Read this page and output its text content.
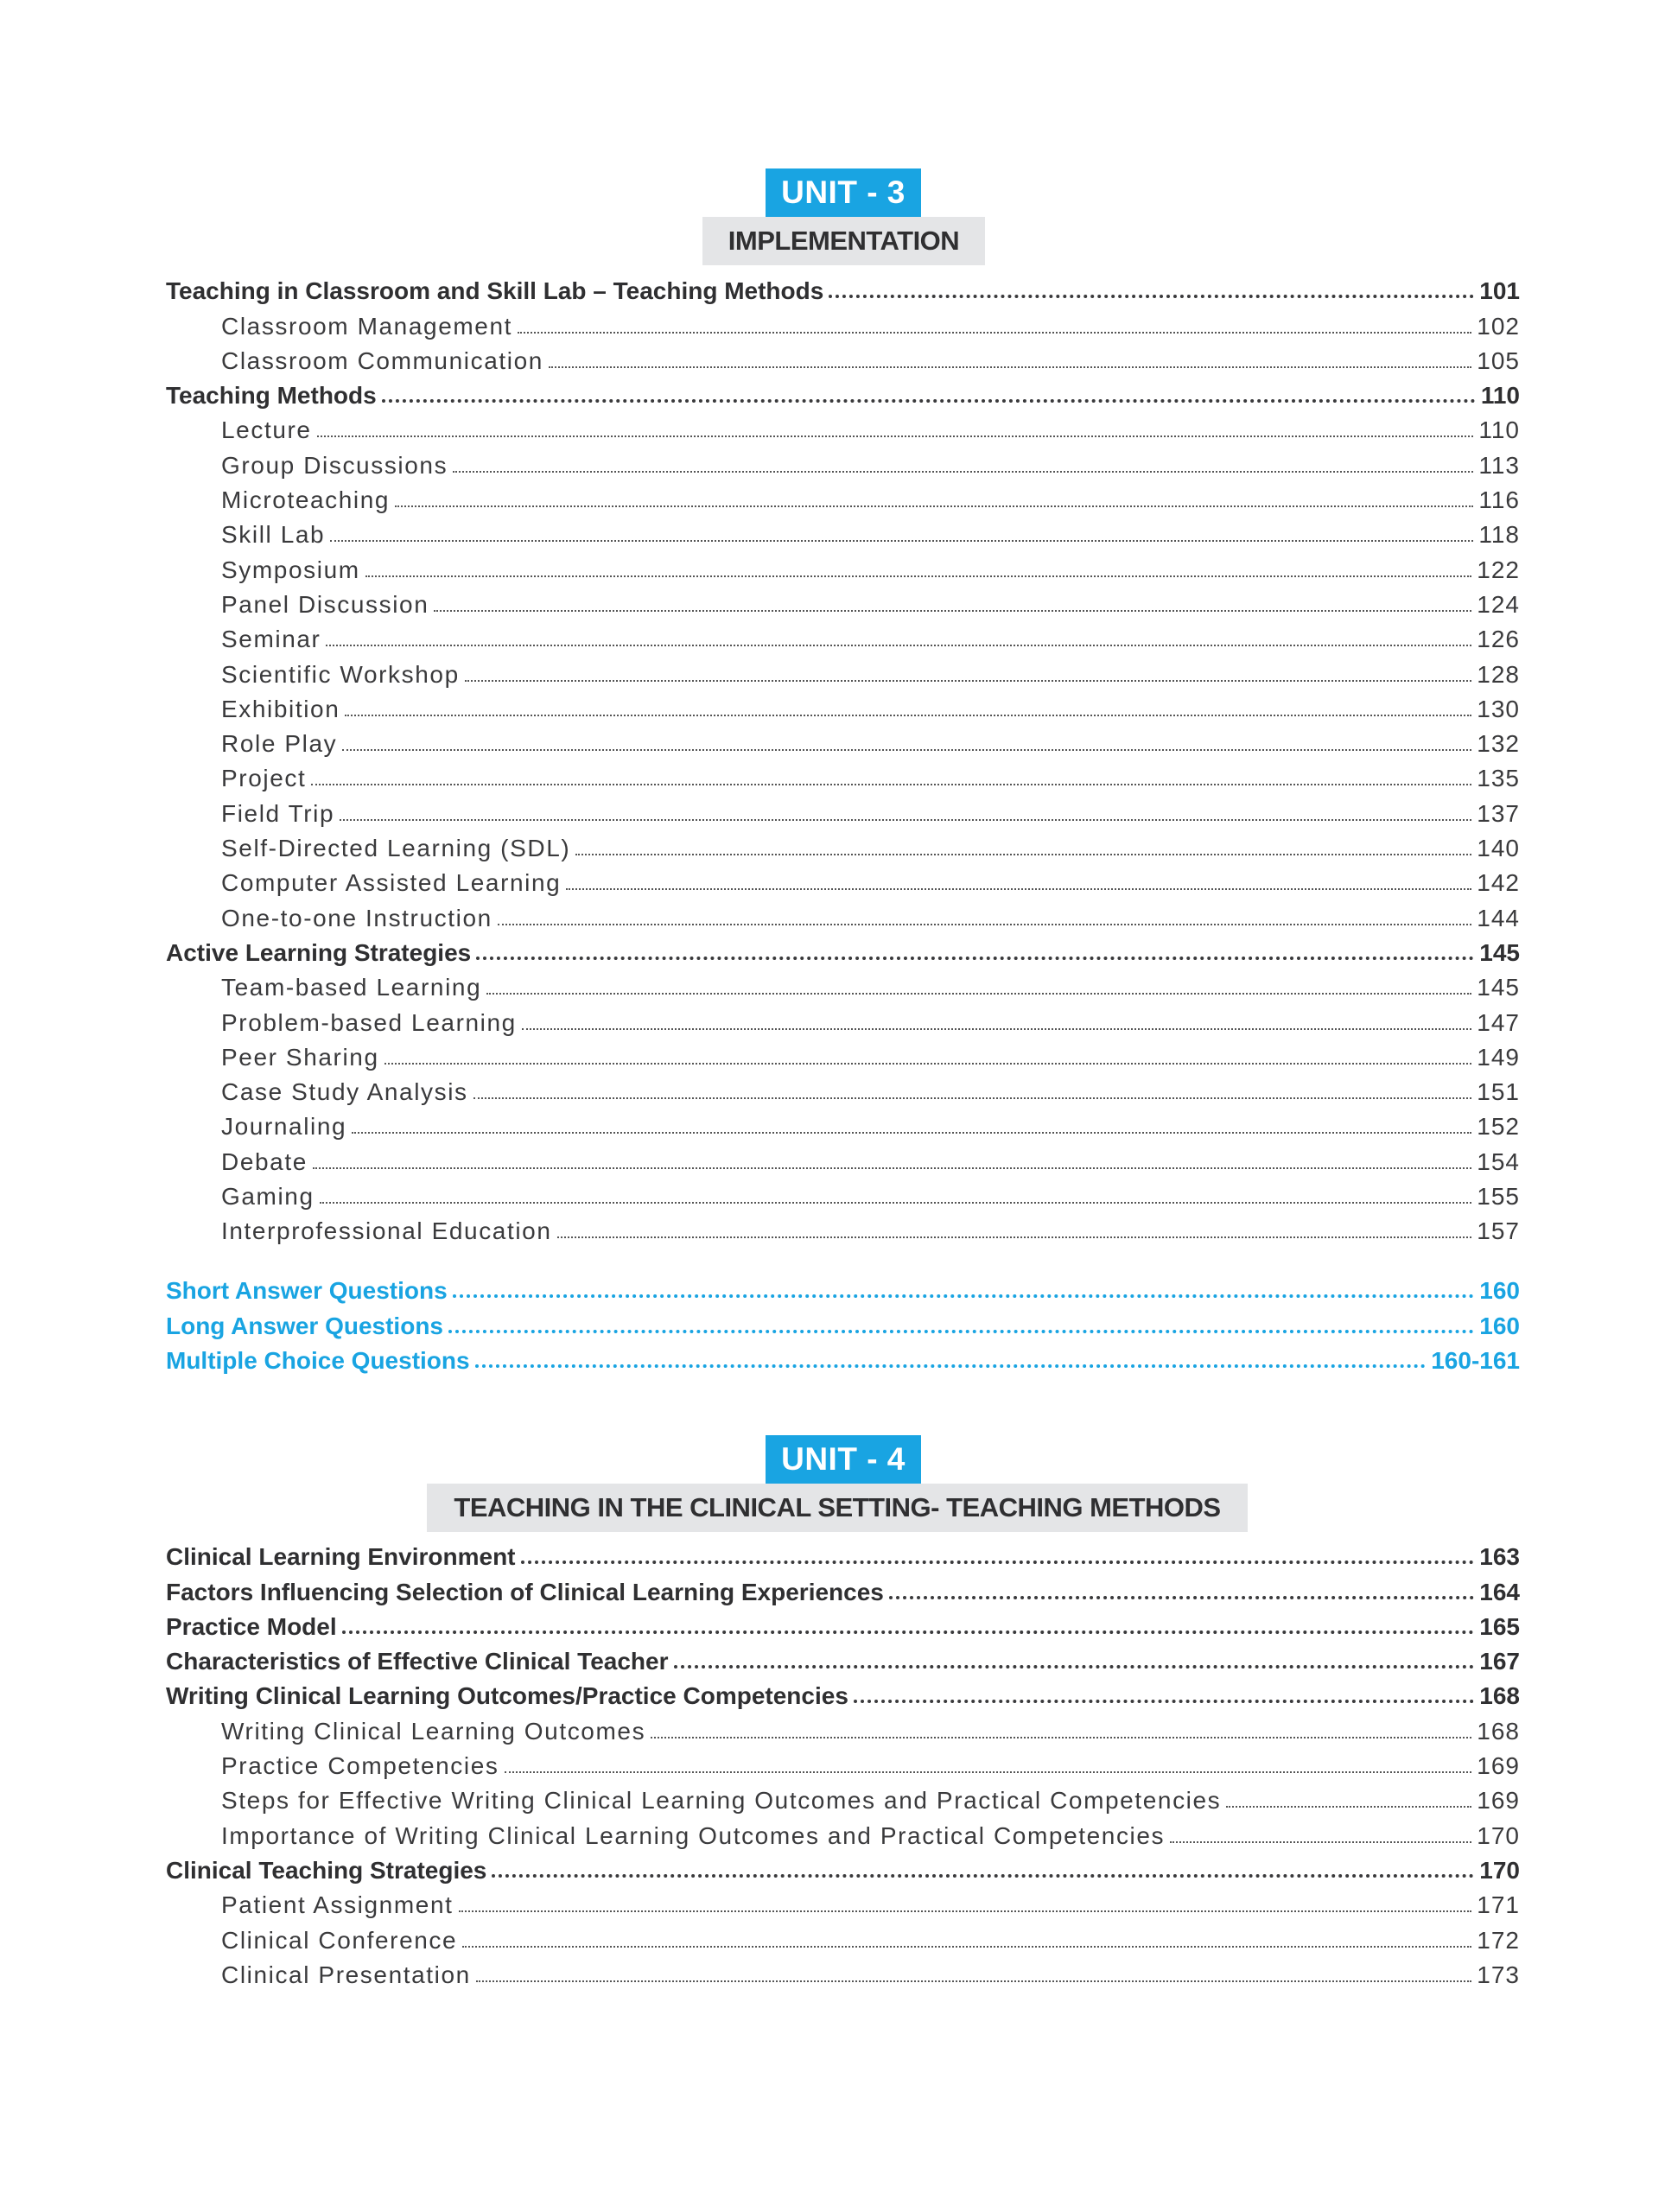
UNIT - 3
IMPLEMENTATION
Teaching in Classroom and Skill Lab – Teaching Methods	101
Classroom Management	102
Classroom Communication	105
Teaching Methods	110
Lecture	110
Group Discussions	113
Microteaching	116
Skill Lab	118
Symposium	122
Panel Discussion	124
Seminar	126
Scientific Workshop	128
Exhibition	130
Role Play	132
Project	135
Field Trip	137
Self-Directed Learning (SDL)	140
Computer Assisted Learning	142
One-to-one Instruction	144
Active Learning Strategies	145
Team-based Learning	145
Problem-based Learning	147
Peer Sharing	149
Case Study Analysis	151
Journaling	152
Debate	154
Gaming	155
Interprofessional Education	157
Short Answer Questions	160
Long Answer Questions	160
Multiple Choice Questions	160-161
UNIT - 4
TEACHING IN THE CLINICAL SETTING- TEACHING METHODS
Clinical Learning Environment	163
Factors Influencing Selection of Clinical Learning Experiences	164
Practice Model	165
Characteristics of Effective Clinical Teacher	167
Writing Clinical Learning Outcomes/Practice Competencies	168
Writing Clinical Learning Outcomes	168
Practice Competencies	169
Steps for Effective Writing Clinical Learning Outcomes and Practical Competencies	169
Importance of Writing Clinical Learning Outcomes and Practical Competencies	170
Clinical Teaching Strategies	170
Patient Assignment	171
Clinical Conference	172
Clinical Presentation	173
